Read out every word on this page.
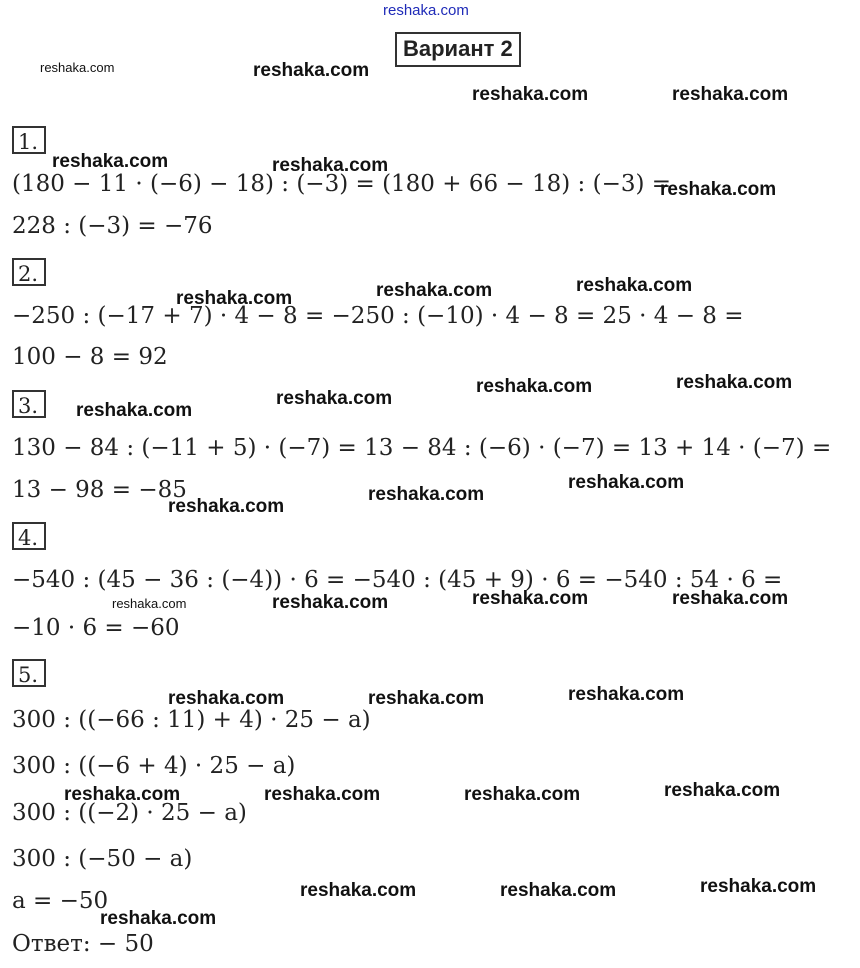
reshaka.com
Вариант 2
1.
(180 − 11 · (−6) − 18) : (−3) = (180 + 66 − 18) : (−3) =
228 : (−3) = −76
2.
−250 : (−17 + 7) · 4 − 8 = −250 : (−10) · 4 − 8 = 25 · 4 − 8 =
100 − 8 = 92
3.
130 − 84 : (−11 + 5) · (−7) = 13 − 84 : (−6) · (−7) = 13 + 14 · (−7) =
13 − 98 = −85
4.
−540 : (45 − 36 : (−4)) · 6 = −540 : (45 + 9) · 6 = −540 : 54 · 6 =
−10 · 6 = −60
5.
300 : ((−66 : 11) + 4) · 25 − a)
300 : ((−6 + 4) · 25 − a)
300 : ((−2) · 25 − a)
300 : (−50 − a)
a = −50
Ответ: − 50
reshaka.com	reshaka.com
reshaka.com	reshaka.com
reshaka.com	reshaka.com
reshaka.com
reshaka.com	reshaka.com	reshaka.com
reshaka.com
reshaka.com
reshaka.com	reshaka.com
reshaka.com
reshaka.com
reshaka.com
reshaka.com	reshaka.com	reshaka.com	reshaka.com
reshaka.com	reshaka.com	reshaka.com
reshaka.com	reshaka.com	reshaka.com	reshaka.com
reshaka.com	reshaka.com	reshaka.com
reshaka.com
